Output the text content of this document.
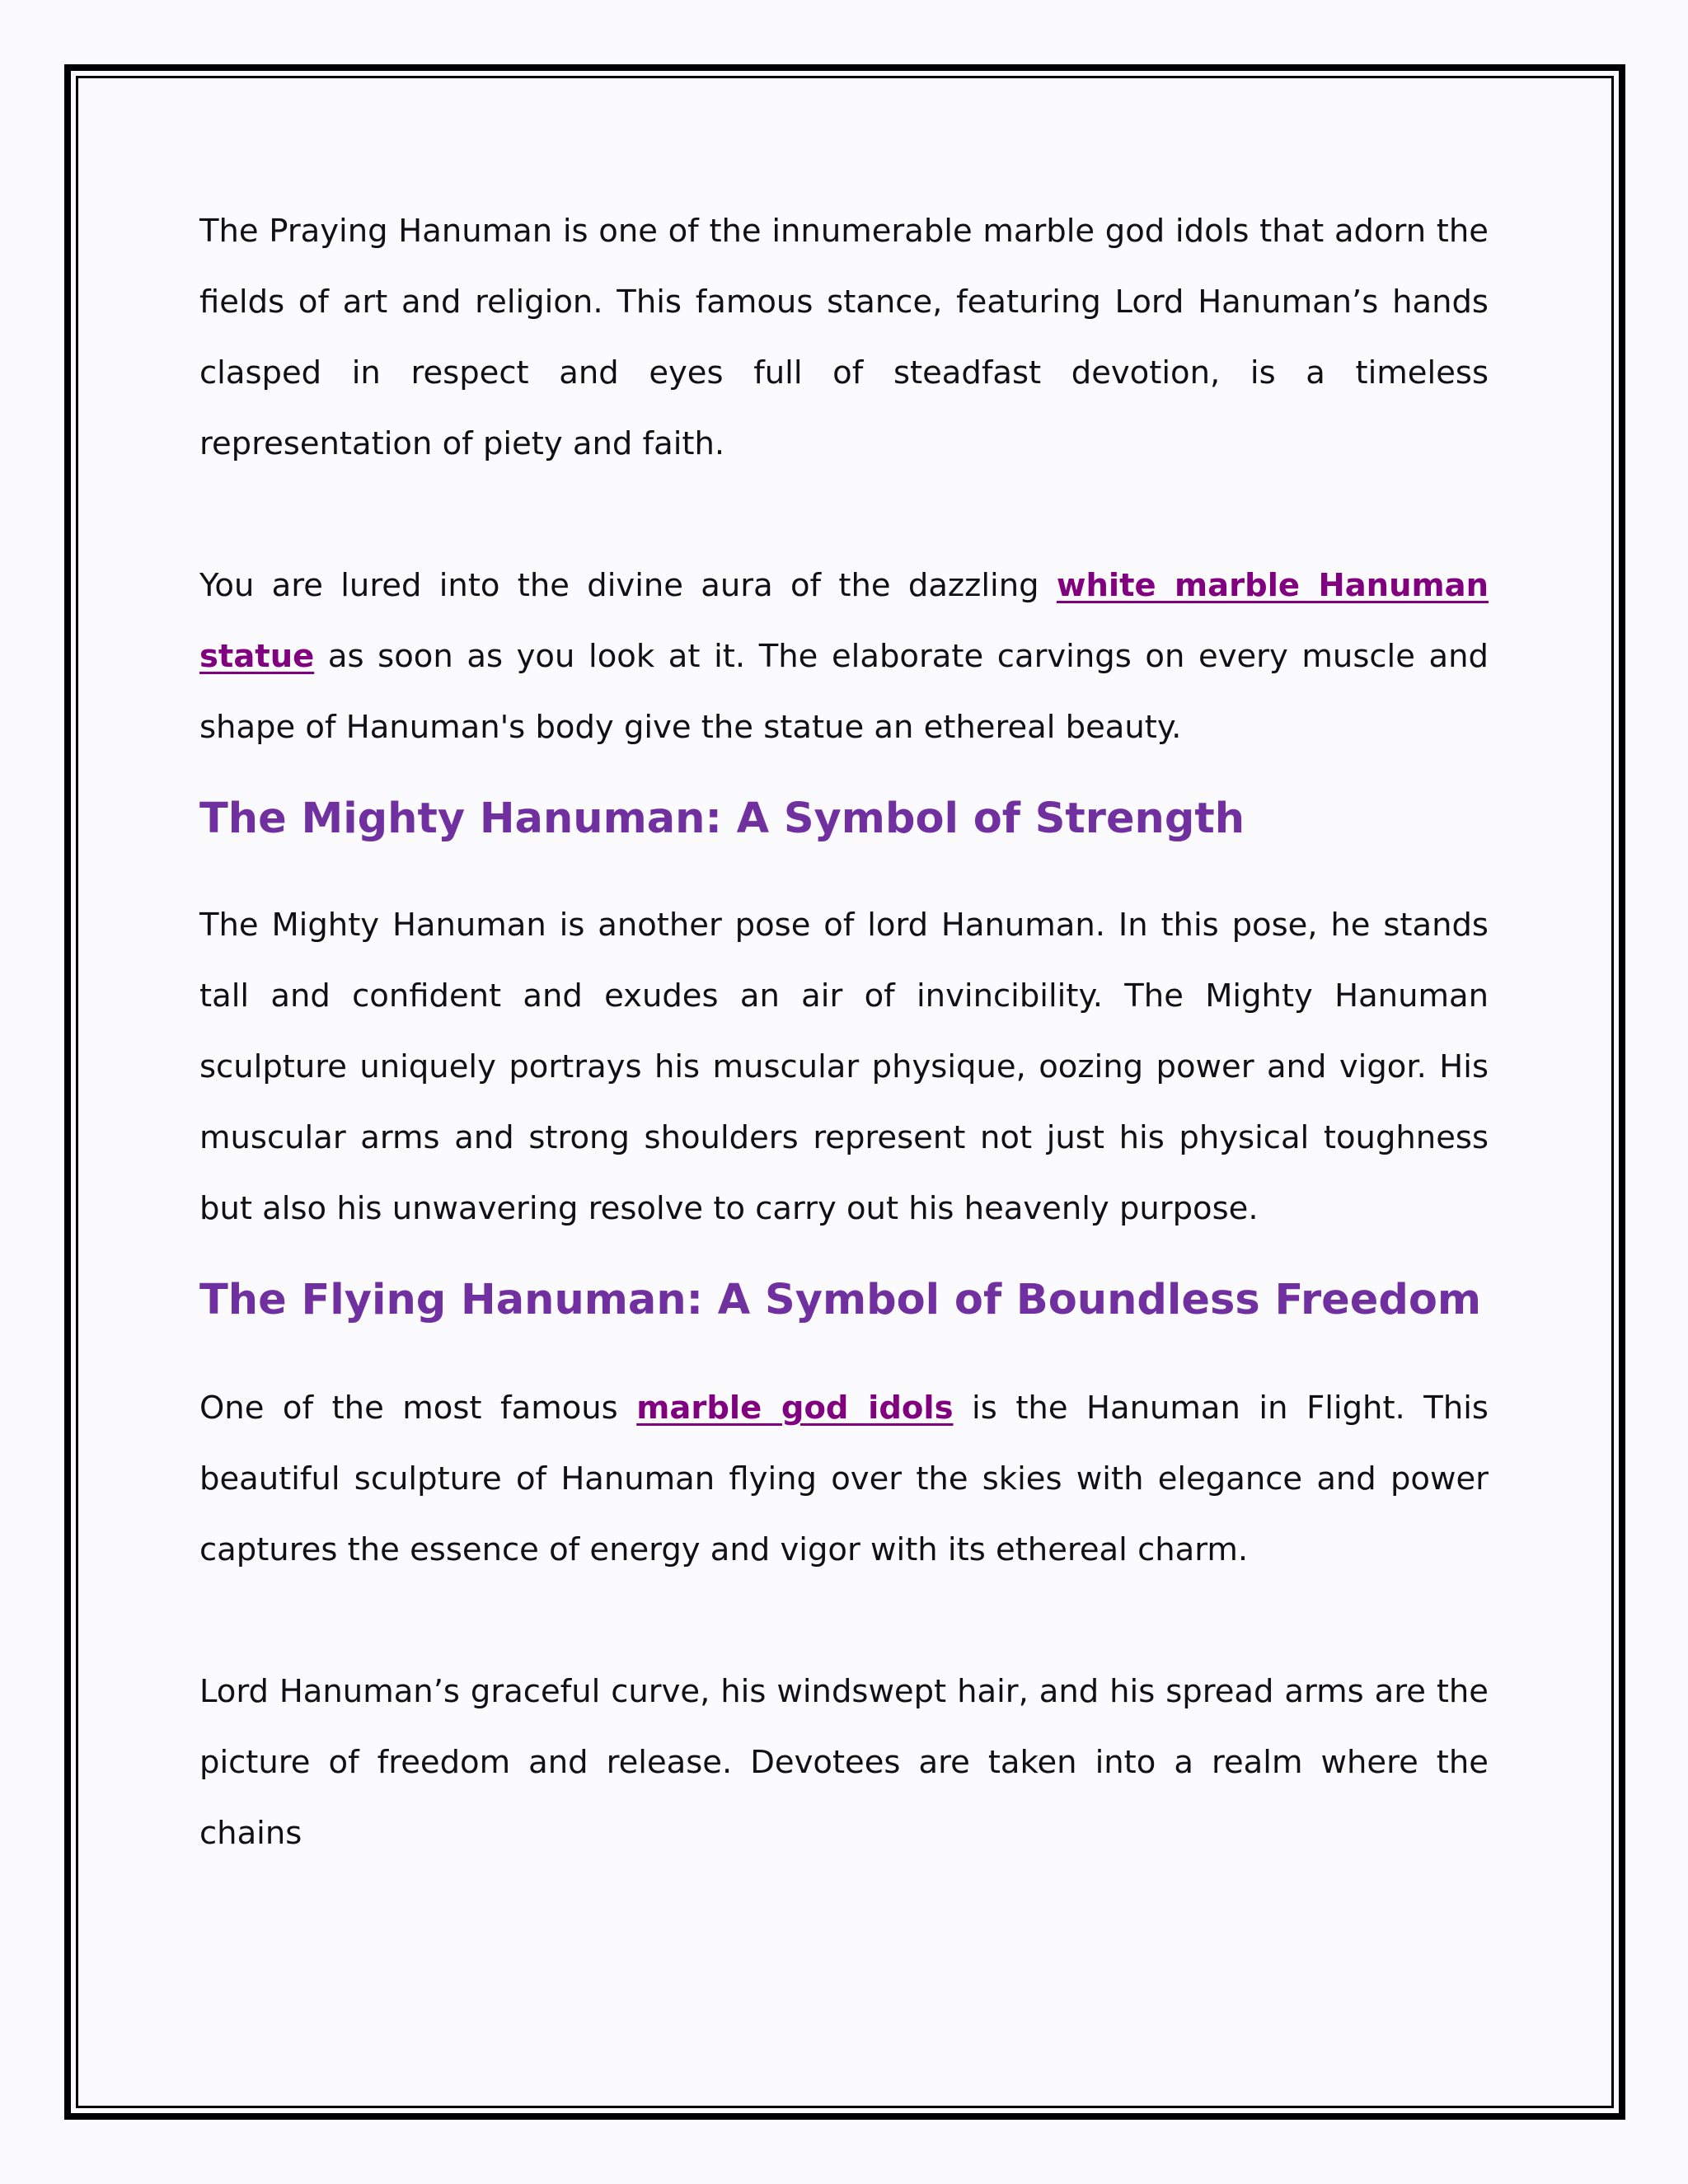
The Praying Hanuman is one of the innumerable marble god idols that adorn the fields of art and religion. This famous stance, featuring Lord Hanuman’s hands clasped in respect and eyes full of steadfast devotion, is a timeless representation of piety and faith.

You are lured into the divine aura of the dazzling white marble Hanuman statue as soon as you look at it. The elaborate carvings on every muscle and shape of Hanuman's body give the statue an ethereal beauty.

The Mighty Hanuman: A Symbol of Strength

The Mighty Hanuman is another pose of lord Hanuman. In this pose, he stands tall and confident and exudes an air of invincibility. The Mighty Hanuman sculpture uniquely portrays his muscular physique, oozing power and vigor. His muscular arms and strong shoulders represent not just his physical toughness but also his unwavering resolve to carry out his heavenly purpose.

The Flying Hanuman: A Symbol of Boundless Freedom

One of the most famous marble god idols is the Hanuman in Flight. This beautiful sculpture of Hanuman flying over the skies with elegance and power captures the essence of energy and vigor with its ethereal charm.

Lord Hanuman’s graceful curve, his windswept hair, and his spread arms are the picture of freedom and release. Devotees are taken into a realm where the chains
